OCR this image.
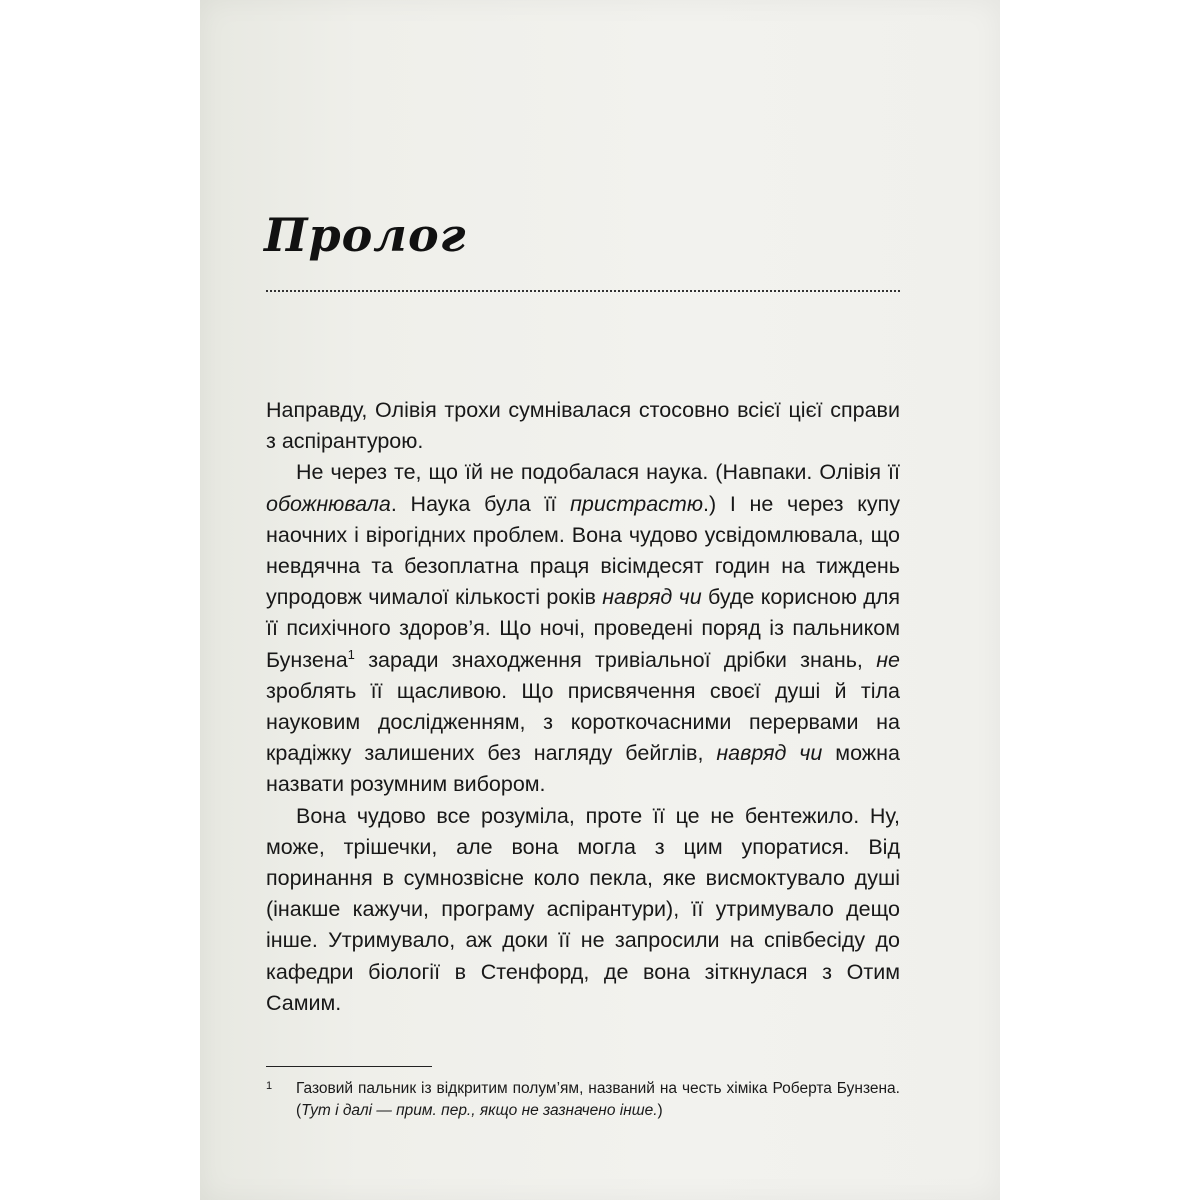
Пролог

Направду, Олівія трохи сумнівалася стосовно всієї цієї справи з аспірантурою.

Не через те, що їй не подобалася наука. (Навпаки. Олівія її обожнювала. Наука була її пристрастю.) І не через купу наочних і вірогідних проблем. Вона чудово усвідомлювала, що невдячна та безоплатна праця вісімдесят годин на тиждень упродовж чималої кількості років навряд чи буде корисною для її психічного здоров’я. Що ночі, проведені поряд із пальником Бунзена$^1$ заради знаходження тривіальної дрібки знань, не зроблять її щасливою. Що присвячення своєї душі й тіла науковим дослідженням, з короткочасними перервами на крадіжку залишених без нагляду бейглів, навряд чи можна назвати розумним вибором.

Вона чудово все розуміла, проте її це не бентежило. Ну, може, трішечки, але вона могла з цим упоратися. Від поринання в сумнозвісне коло пекла, яке висмоктувало душі (інакше кажучи, програму аспірантури), її утримувало дещо інше. Утримувало, аж доки її не запросили на співбесіду до кафедри біології в Стенфорд, де вона зіткнулася з Отим Самим.

1 Газовий пальник із відкритим полум’ям, названий на честь хіміка Роберта Бунзена. (Тут і далі — прим. пер., якщо не зазначено інше.)
